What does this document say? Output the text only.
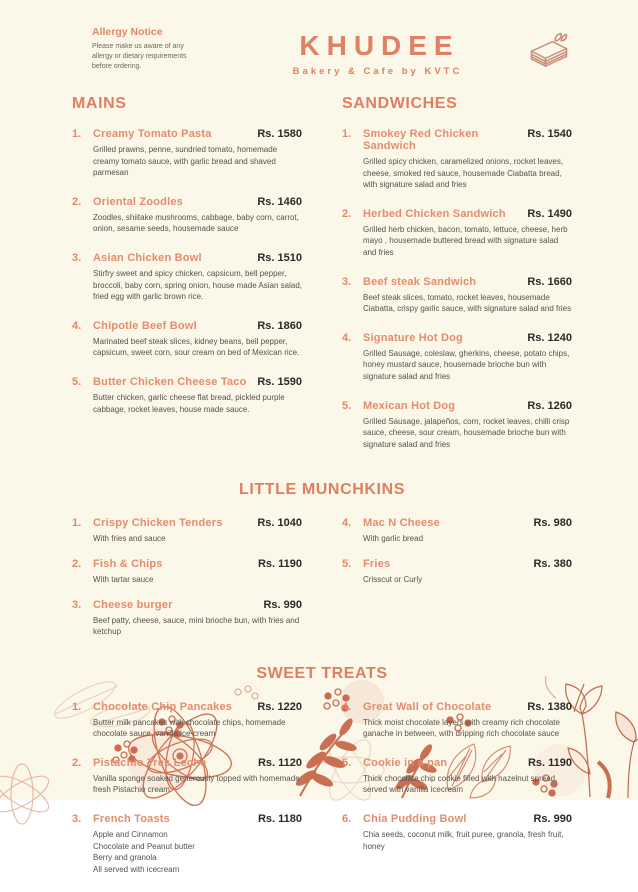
Allergy Notice
Please make us aware of any allergy or dietary requirements before ordering.
KHUDEE
Bakery & Cafe by KVTC
MAINS
1.	Creamy Tomato Pasta	Rs. 1580
Grilled prawns, penne, sundried tomato, homemade creamy tomato sauce, with garlic bread and shaved parmesan
2.	Oriental Zoodles	Rs. 1460
Zoodles, shiitake mushrooms, cabbage, baby corn, carrot, onion, sesame seeds, housemade sauce
3.	Asian Chicken Bowl	Rs. 1510
Stirfry sweet and spicy chicken, capsicum, bell pepper, broccoli, baby corn, spring onion, house made Asian salad, fried egg with garlic brown rice.
4.	Chipotle Beef Bowl	Rs. 1860
Marinated beef steak slices, kidney beans, bell pepper, capsicum, sweet corn, sour cream on bed of Mexican rice.
5.	Butter Chicken Cheese Taco Rs. 1590
Butter chicken, garlic cheese flat bread, pickled purple cabbage, rocket leaves, house made sauce.
SANDWICHES
1.	Smokey Red Chicken Sandwich
Rs. 1540
Grilled spicy chicken, caramelized onions, rocket leaves, cheese, smoked red sauce, housemade Ciabatta bread, with signature salad and fries
2.	Herbed Chicken Sandwich	Rs. 1490
Grilled herb chicken, bacon, tomato, lettuce, cheese, herb mayo , housemade buttered bread with signature salad and fries
3.	Beef steak Sandwich	Rs. 1660
Beef steak slices, tomato, rocket leaves, housemade Ciabatta, crispy garlic sauce, with signature salad and fries
4.	Signature Hot Dog	Rs. 1240
Grilled Sausage, coleslaw, gherkins, cheese, potato chips, honey mustard sauce, housemade brioche bun with signature salad and fries
5.	Mexican Hot Dog	Rs. 1260
Grilled Sausage, jalapeños, corn, rocket leaves, chilli crisp sauce, cheese, sour cream, housemade brioche bun with signature salad and fries
LITTLE MUNCHKINS
1.	Crispy Chicken Tenders	Rs. 1040
With fries and sauce
2.	Fish & Chips	Rs. 1190
With tartar sauce
3.	Cheese burger	Rs. 990
Beef patty, cheese, sauce, mini brioche bun, with fries and ketchup
4.	Mac N Cheese	Rs. 980
With garlic bread
5.	Fries	Rs. 380
Crisscut or Curly
SWEET TREATS
1.	Chocolate Chip Pancakes	Rs. 1220
Butter milk pancakes with chocolate chips, homemade chocolate sauce, vanilla ice-cream
2.	Pistachio Tres Leche	Rs. 1120
Vanilla sponge soaked generously topped with homemade fresh Pistachio cream
3.	French Toasts	Rs. 1180
Apple and Cinnamon
Chocolate and Peanut butter
Berry and granola
All served with icecream
4.	Great Wall of Chocolate	Rs. 1380
Thick moist chocolate layers with creamy rich chocolate ganache in between, with dripping rich chocolate sauce
5.	Cookie in a pan	Rs. 1190
Thick chocolate chip cookie filled with hazelnut spread, served with vanilla icecream
6.	Chia Pudding Bowl	Rs. 990
Chia seeds, coconut milk, fruit puree, granola, fresh fruit, honey
